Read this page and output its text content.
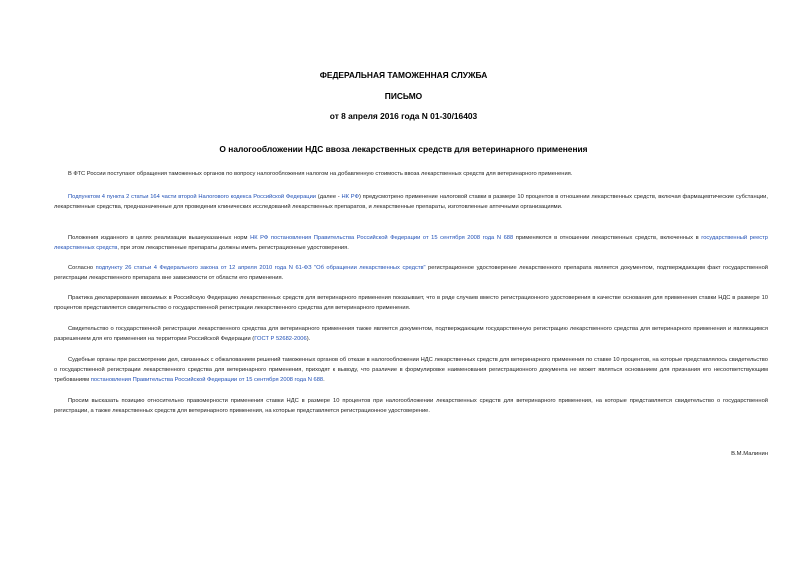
ФЕДЕРАЛЬНАЯ ТАМОЖЕННАЯ СЛУЖБА
ПИСЬМО
от 8 апреля 2016 года N 01-30/16403
О налогообложении НДС ввоза лекарственных средств для ветеринарного применения

В ФТС России поступают обращения таможенных органов по вопросу налогообложения налогом на добавленную стоимость ввоза лекарственных средств для ветеринарного применения.

Подпунктом 4 пункта 2 статьи 164 части второй Налогового кодекса Российской Федерации (далее - НК РФ) предусмотрено применение налоговой ставки в размере 10 процентов в отношении лекарственных средств, включая фармацевтические субстанции, лекарственные средства, предназначенные для проведения клинических исследований лекарственных препаратов, и лекарственные препараты, изготовленные аптечными организациями.

Положения изданного в целях реализации вышеуказанных норм НК РФ постановления Правительства Российской Федерации от 15 сентября 2008 года N 688 применяются в отношении лекарственных средств, включенных в государственный реестр лекарственных средств, при этом лекарственные препараты должны иметь регистрационные удостоверения.

Согласно подпункту 26 статьи 4 Федерального закона от 12 апреля 2010 года N 61-ФЗ "Об обращении лекарственных средств" регистрационное удостоверение лекарственного препарата является документом, подтверждающим факт государственной регистрации лекарственного препарата вне зависимости от области его применения.

Практика декларирования ввозимых в Российскую Федерацию лекарственных средств для ветеринарного применения показывает, что в ряде случаев вместо регистрационного удостоверения в качестве основания для применения ставки НДС в размере 10 процентов представляется свидетельство о государственной регистрации лекарственного средства для ветеринарного применения.

Свидетельство о государственной регистрации лекарственного средства для ветеринарного применения также является документом, подтверждающим государственную регистрацию лекарственного средства для ветеринарного применения и являющимся разрешением для его применения на территории Российской Федерации (ГОСТ Р 52682-2006).

Судебные органы при рассмотрении дел, связанных с обжалованием решений таможенных органов об отказе в налогообложении НДС лекарственных средств для ветеринарного применения по ставке 10 процентов, на которые представлялось свидетельство о государственной регистрации лекарственного средства для ветеринарного применения, приходят к выводу, что различие в формулировке наименования регистрационного документа не может являться основанием для признания его несоответствующим требованиям постановления Правительства Российской Федерации от 15 сентября 2008 года N 688.

Просим высказать позицию относительно правомерности применения ставки НДС в размере 10 процентов при налогообложении лекарственных средств для ветеринарного применения, на которые представляется свидетельство о государственной регистрации, а также лекарственных средств для ветеринарного применения, на которые представляется регистрационное удостоверение.

В.М.Малинин
